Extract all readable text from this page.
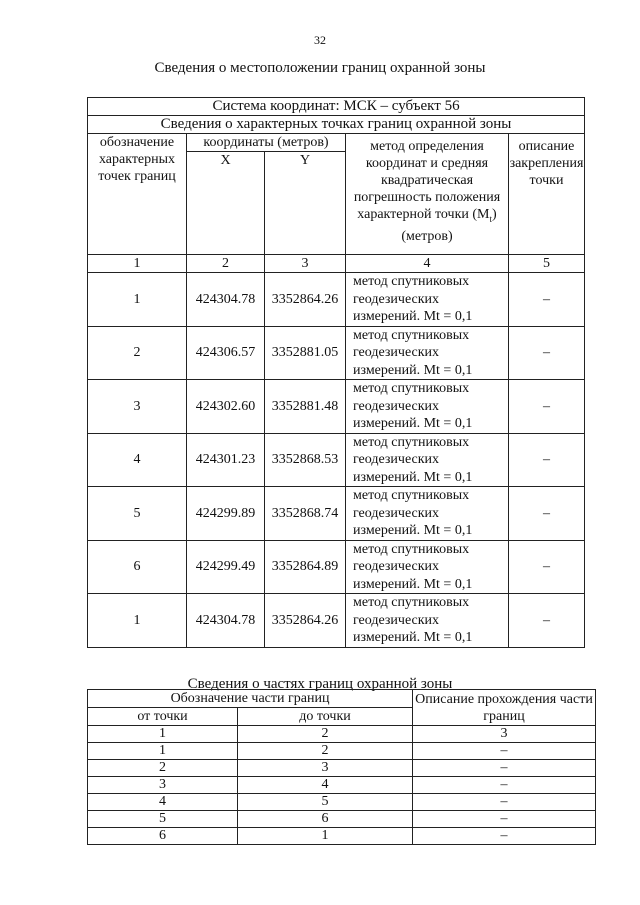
32
Сведения о местоположении границ охранной зоны
Система координат: МСК – субъект 56				
Сведения о характерных точках границ охранной зоны				
обозначение характерных точек границ	координаты (метров)		метод определения координат и средняя квадратическая погрешность положения характерной точки $(M_t)$ (метров)	описание закрепления точки
	X	Y		
1	2	3	4	5
1	424304.78	3352864.26	метод спутниковых геодезических измерений. Mt = 0,1	–
2	424306.57	3352881.05	метод спутниковых геодезических измерений. Mt = 0,1	–
3	424302.60	3352881.48	метод спутниковых геодезических измерений. Mt = 0,1	–
4	424301.23	3352868.53	метод спутниковых геодезических измерений. Mt = 0,1	–
5	424299.89	3352868.74	метод спутниковых геодезических измерений. Mt = 0,1	–
6	424299.49	3352864.89	метод спутниковых геодезических измерений. Mt = 0,1	–
1	424304.78	3352864.26	метод спутниковых геодезических измерений. Mt = 0,1	–
Сведения о частях границ охранной зоны
Обозначение части границ		Описание прохождения части границ
от точки	до точки	
1	2	3
1	2	–
2	3	–
3	4	–
4	5	–
5	6	–
6	1	–
